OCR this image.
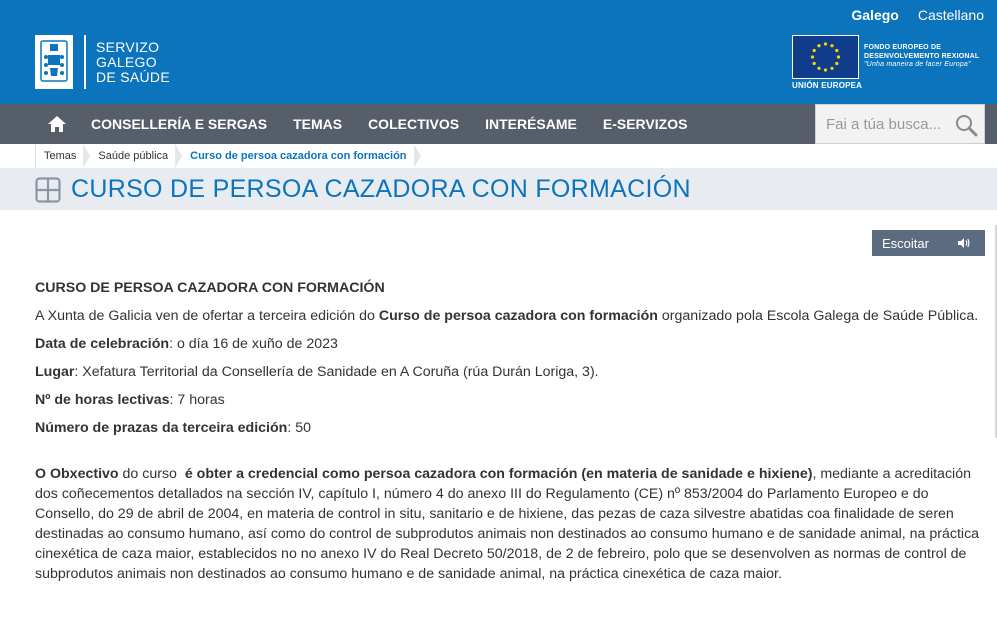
Galego Castellano
SERVIZO
GALEGO
DE SAÚDE
UNIÓN EUROPEA
FONDO EUROPEO DE
DESENVOLVEMENTO REXIONAL
"Unha maneira de facer Europa"
CONSELLERÍA E SERGAS TEMAS COLECTIVOS INTERÉSAME E-SERVIZOS
Fai a túa busca...
Temas	Saúde pública	Curso de persoa cazadora con formación
CURSO DE PERSOA CAZADORA CON FORMACIÓN
Escoitar

CURSO DE PERSOA CAZADORA CON FORMACIÓN

A Xunta de Galicia ven de ofertar a terceira edición do Curso de persoa cazadora con formación organizado pola Escola Galega de Saúde Pública.

Data de celebración: o día 16 de xuño de 2023

Lugar: Xefatura Territorial da Consellería de Sanidade en A Coruña (rúa Durán Loriga, 3).

Nº de horas lectivas: 7 horas

Número de prazas da terceira edición: 50

O Obxectivo do curso  é obter a credencial como persoa cazadora con formación (en materia de sanidade e hixiene), mediante a acreditación dos coñecementos detallados na sección IV, capítulo I, número 4 do anexo III do Regulamento (CE) nº 853/2004 do Parlamento Europeo e do Consello, do 29 de abril de 2004, en materia de control in situ, sanitario e de hixiene, das pezas de caza silvestre abatidas coa finalidade de seren destinadas ao consumo humano, así como do control de subprodutos animais non destinados ao consumo humano e de sanidade animal, na práctica cinexética de caza maior, establecidos no no anexo IV do Real Decreto 50/2018, de 2 de febreiro, polo que se desenvolven as normas de control de subprodutos animais non destinados ao consumo humano e de sanidade animal, na práctica cinexética de caza maior.
